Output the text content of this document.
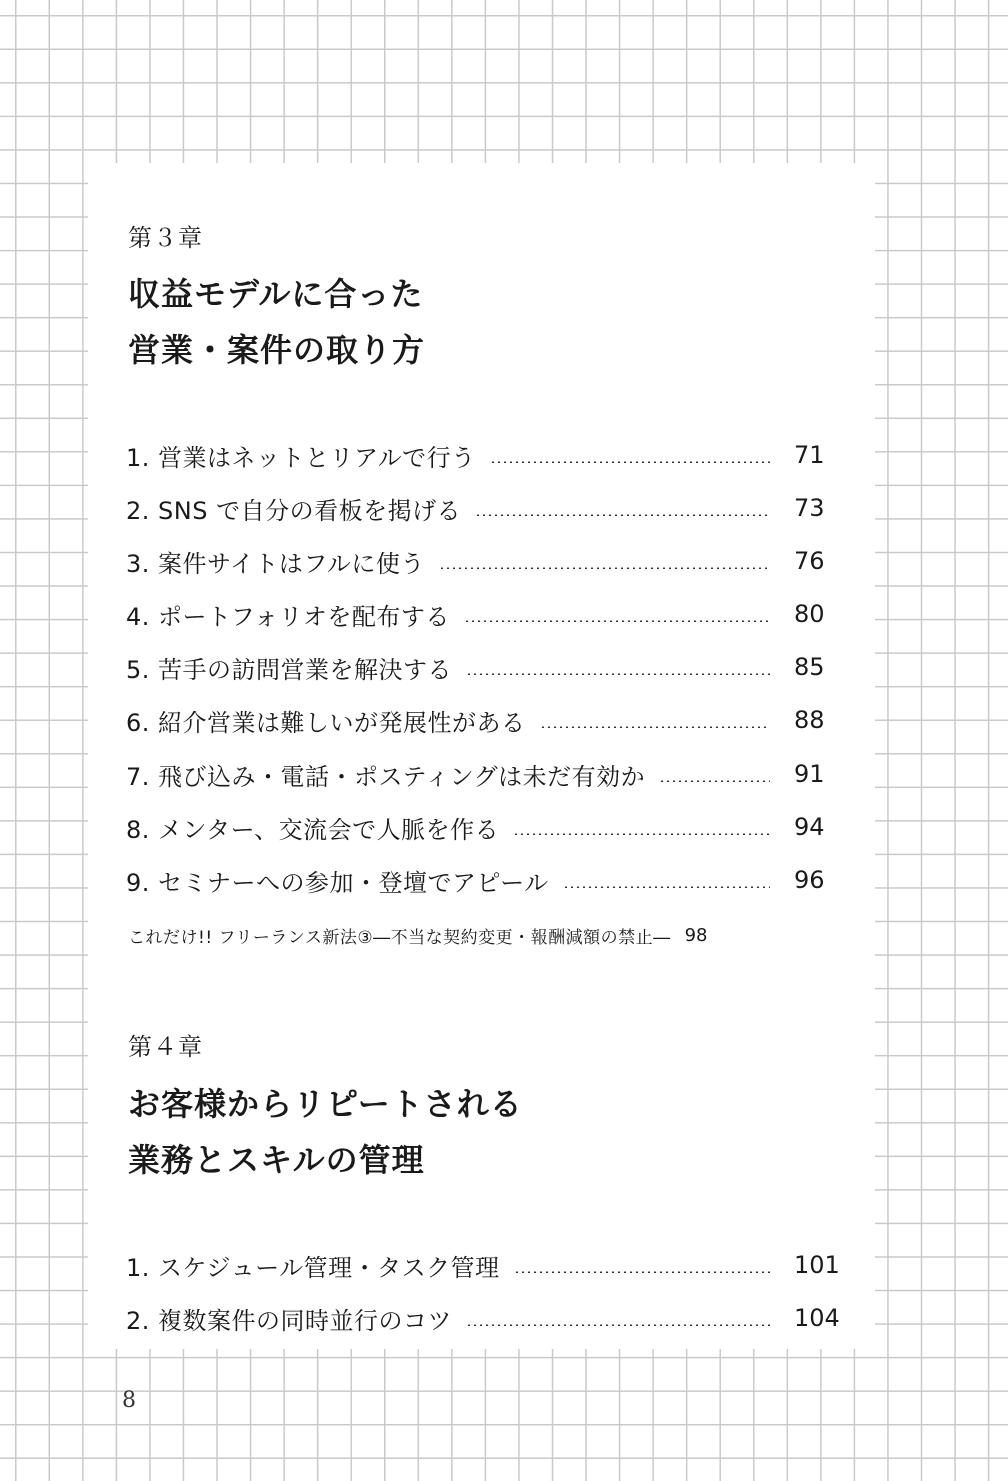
第３章
収益モデルに合った
営業・案件の取り方
1. 営業はネットとリアルで行う	71
2. SNS で自分の看板を掲げる	73
3. 案件サイトはフルに使う	76
4. ポートフォリオを配布する	80
5. 苦手の訪問営業を解決する	85
6. 紹介営業は難しいが発展性がある	88
7. 飛び込み・電話・ポスティングは未だ有効か	91
8. メンター、交流会で人脈を作る	94
9. セミナーへの参加・登壇でアピール	96
これだけ!! フリーランス新法③―不当な契約変更・報酬減額の禁止― 98
第４章
お客様からリピートされる
業務とスキルの管理
1. スケジュール管理・タスク管理	101
2. 複数案件の同時並行のコツ	104
8
